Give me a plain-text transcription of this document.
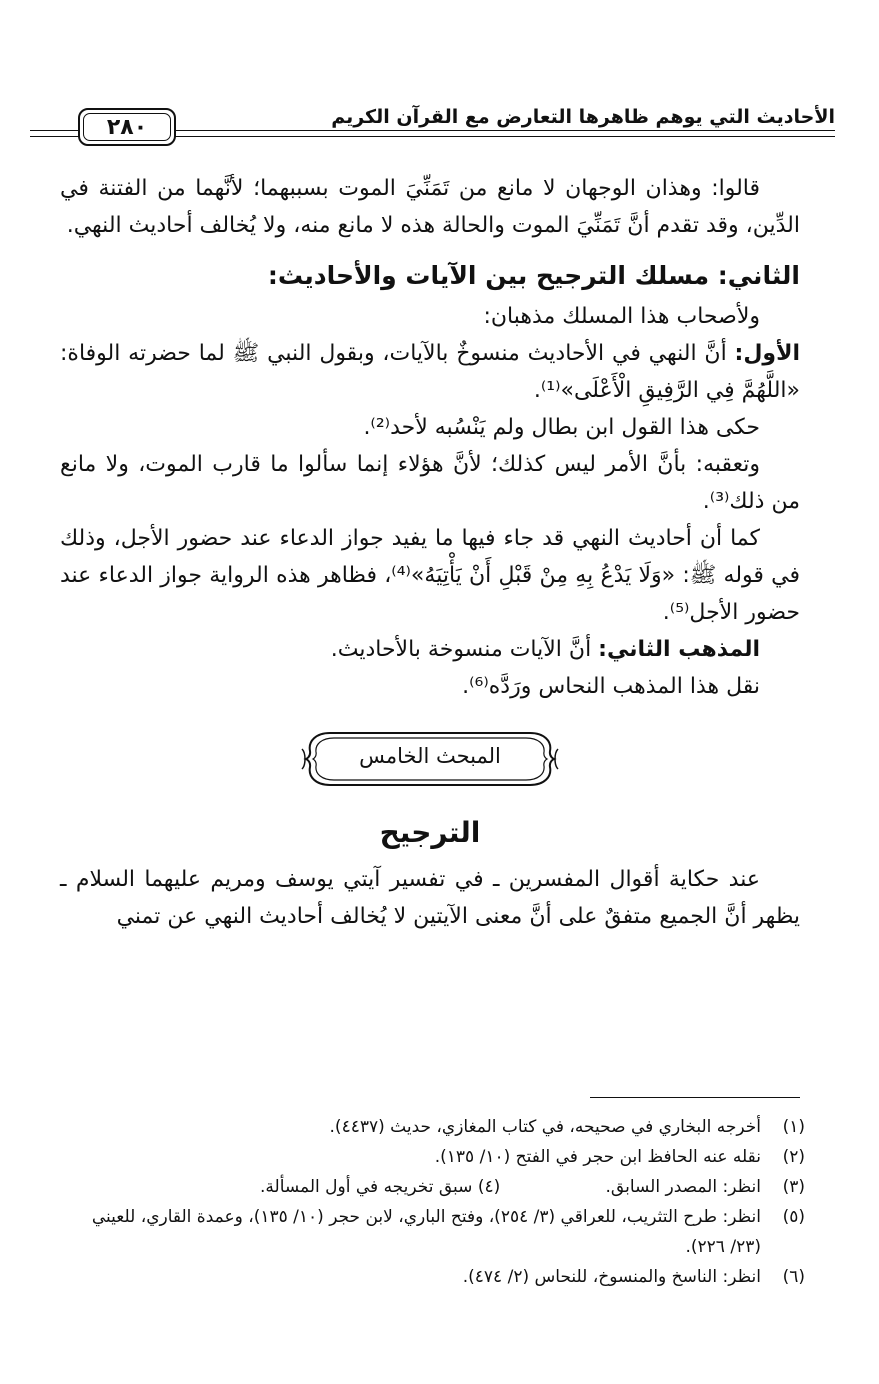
٢٨٠	الأحاديث التي يوهم ظاهرها التعارض مع القرآن الكريم

قالوا: وهذان الوجهان لا مانع من تَمَنِّيَ الموت بسببهما؛ لأنَّهما من الفتنة في الدِّين، وقد تقدم أنَّ تَمَنِّيَ الموت والحالة هذه لا مانع منه، ولا يُخالف أحاديث النهي.

الثاني: مسلك الترجيح بين الآيات والأحاديث:

ولأصحاب هذا المسلك مذهبان:

الأول: أنَّ النهي في الأحاديث منسوخٌ بالآيات، وبقول النبي ﷺ لما حضرته الوفاة: «اللَّهُمَّ فِي الرَّفِيقِ الْأَعْلَى»⁽¹⁾.

حكى هذا القول ابن بطال ولم يَنْسُبه لأحد⁽²⁾.

وتعقبه: بأنَّ الأمر ليس كذلك؛ لأنَّ هؤلاء إنما سألوا ما قارب الموت، ولا مانع من ذلك⁽³⁾.

كما أن أحاديث النهي قد جاء فيها ما يفيد جواز الدعاء عند حضور الأجل، وذلك في قوله ﷺ: «وَلَا يَدْعُ بِهِ مِنْ قَبْلِ أَنْ يَأْتِيَهُ»⁽⁴⁾، فظاهر هذه الرواية جواز الدعاء عند حضور الأجل⁽⁵⁾.

المذهب الثاني: أنَّ الآيات منسوخة بالأحاديث.

نقل هذا المذهب النحاس ورَدَّه⁽⁶⁾.

المبحث الخامس

الترجيح

عند حكاية أقوال المفسرين ـ في تفسير آيتي يوسف ومريم عليهما السلام ـ يظهر أنَّ الجميع متفقٌ على أنَّ معنى الآيتين لا يُخالف أحاديث النهي عن تمني

(١)
أخرجه البخاري في صحيحه، في كتاب المغازي، حديث (٤٤٣٧).
(٢)
نقله عنه الحافظ ابن حجر في الفتح (١٠/ ١٣٥).
(٣)
انظر: المصدر السابق.
(٤) سبق تخريجه في أول المسألة.
(٥)
انظر: طرح التثريب، للعراقي (٣/ ٢٥٤)، وفتح الباري، لابن حجر (١٠/ ١٣٥)، وعمدة القاري، للعيني (٢٣/ ٢٢٦).
(٦)
انظر: الناسخ والمنسوخ، للنحاس (٢/ ٤٧٤).
